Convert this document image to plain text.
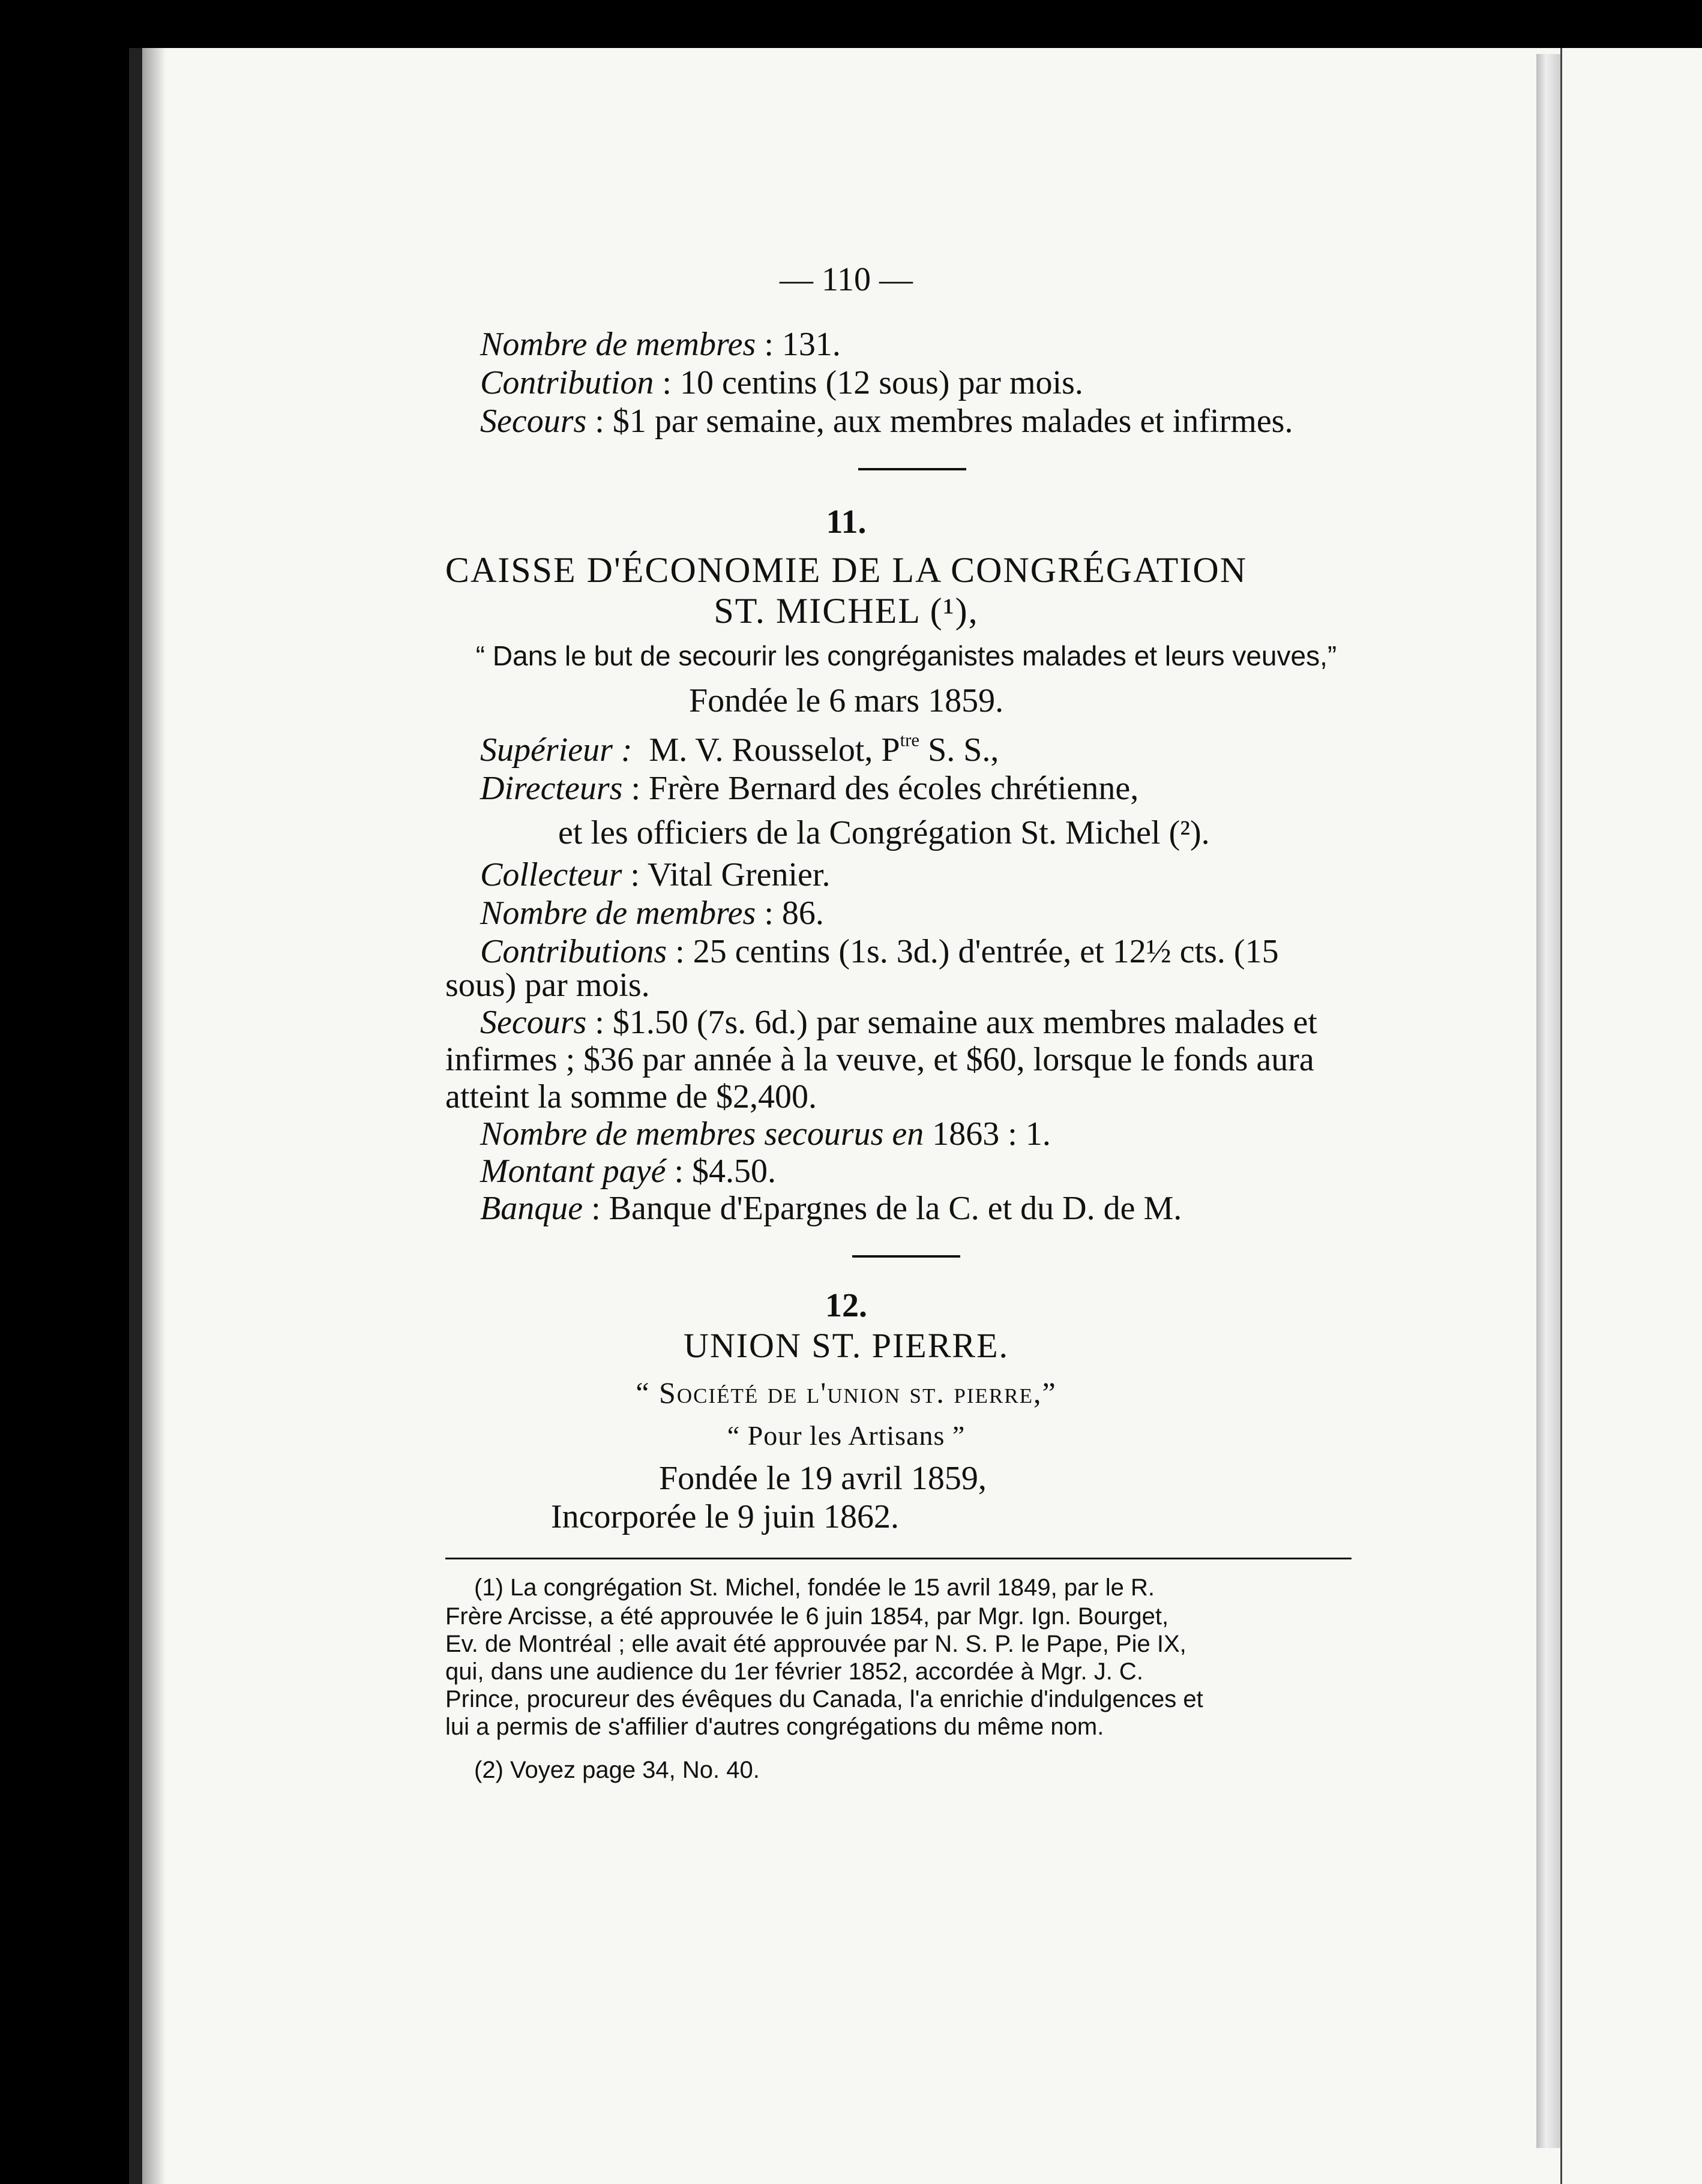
— 110 —
Nombre de membres : 131.
Contribution : 10 centins (12 sous) par mois.
Secours : $1 par semaine, aux membres malades et infirmes.
11.
CAISSE D'ÉCONOMIE DE LA CONGRÉGATION
ST. MICHEL (¹),
“ Dans le but de secourir les congréganistes malades et leurs veuves,”
Fondée le 6 mars 1859.
Supérieur : M. V. Rousselot, $P^{tre}$ S. S.,
Directeurs : Frère Bernard des écoles chrétienne,
et les officiers de la Congrégation St. Michel (²).
Collecteur : Vital Grenier.
Nombre de membres : 86.
Contributions : 25 centins (1s. 3d.) d'entrée, et 12½ cts. (15
sous) par mois.
Secours : $1.50 (7s. 6d.) par semaine aux membres malades et
infirmes ; $36 par année à la veuve, et $60, lorsque le fonds aura
atteint la somme de $2,400.
Nombre de membres secourus en 1863 : 1.
Montant payé : $4.50.
Banque : Banque d'Epargnes de la C. et du D. de M.
12.
UNION ST. PIERRE.
“ Société de l'union st. pierre,”
“ Pour les Artisans ”
Fondée le 19 avril 1859,
Incorporée le 9 juin 1862.
(1) La congrégation St. Michel, fondée le 15 avril 1849, par le R.
Frère Arcisse, a été approuvée le 6 juin 1854, par Mgr. Ign. Bourget,
Ev. de Montréal ; elle avait été approuvée par N. S. P. le Pape, Pie IX,
qui, dans une audience du 1er février 1852, accordée à Mgr. J. C.
Prince, procureur des évêques du Canada, l'a enrichie d'indulgences et
lui a permis de s'affilier d'autres congrégations du même nom.
(2) Voyez page 34, No. 40.
